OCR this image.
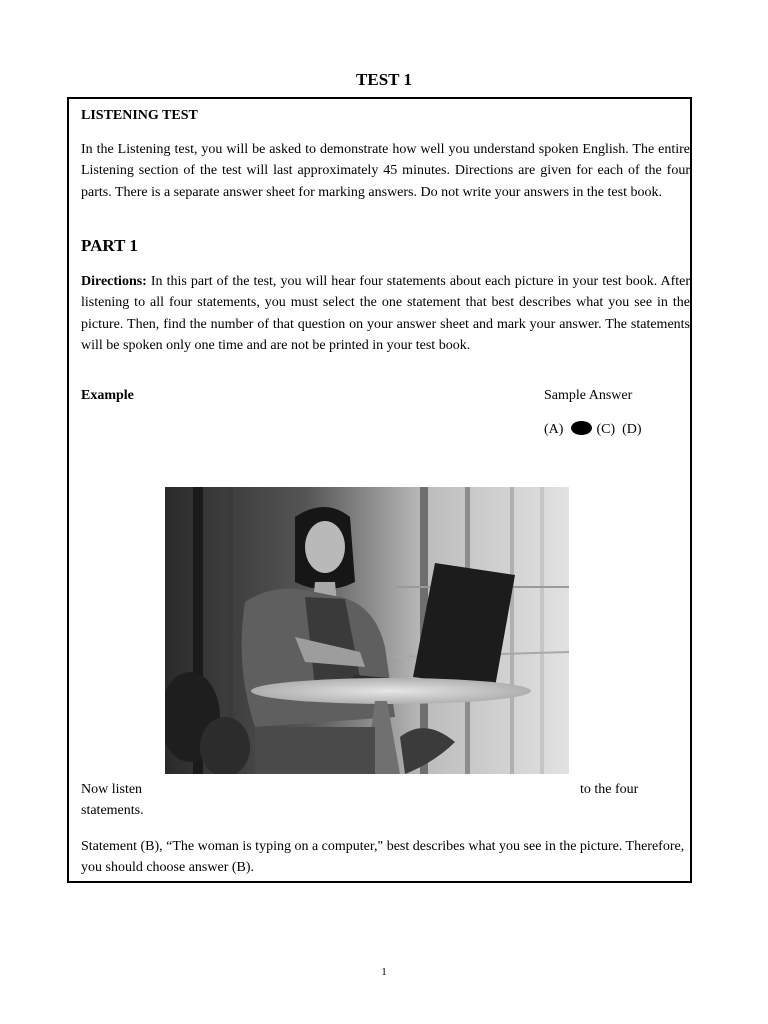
TEST 1
LISTENING TEST

In the Listening test, you will be asked to demonstrate how well you understand spoken English. The entire Listening section of the test will last approximately 45 minutes. Directions are given for each of the four parts. There is a separate answer sheet for marking answers. Do not write your answers in the test book.

PART 1

Directions: In this part of the test, you will hear four statements about each picture in your test book. After listening to all four statements, you must select the one statement that best describes what you see in the picture. Then, find the number of that question on your answer sheet and mark your answer. The statements will be spoken only one time and are not be printed in your test book.

Example	Sample Answer
(A) (C) (D)
Now listen	to the four
statements.

Statement (B), “The woman is typing on a computer," best describes what you see in the picture. Therefore, you should choose answer (B).

1
